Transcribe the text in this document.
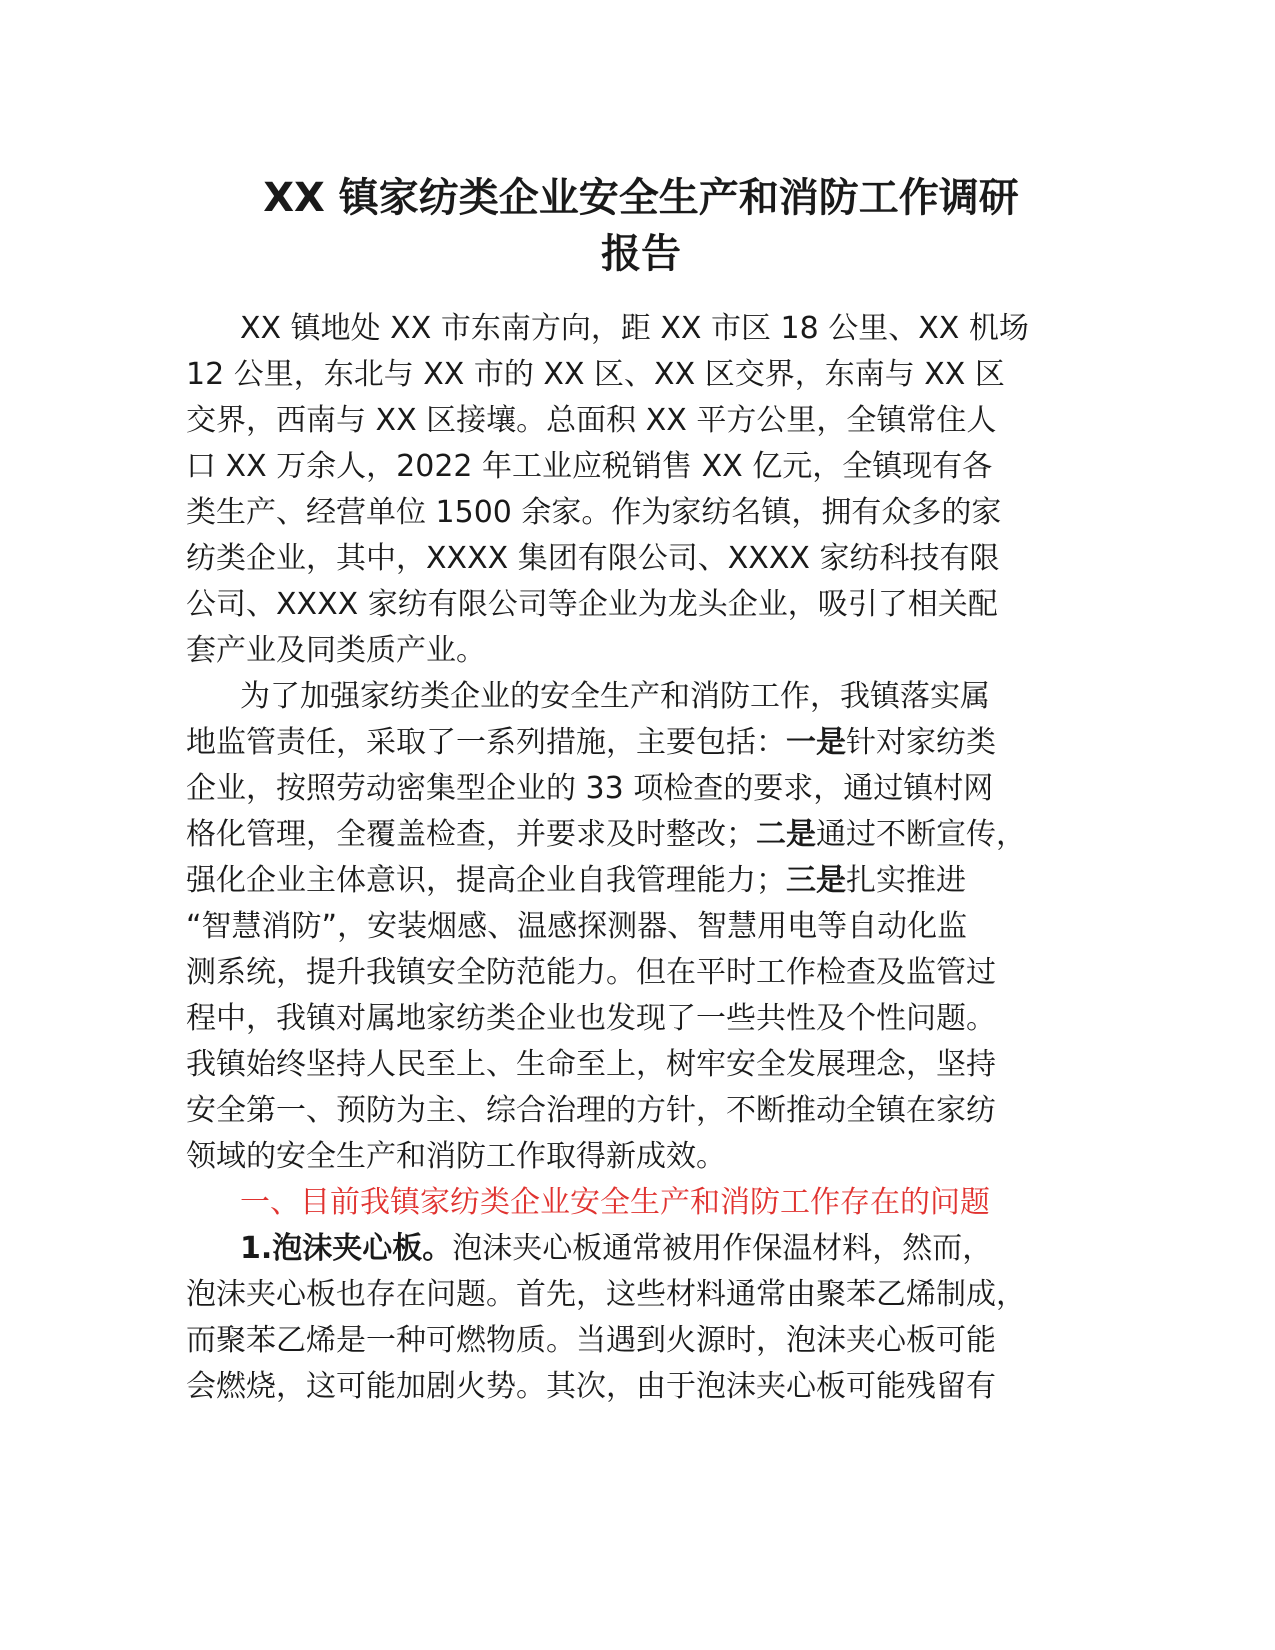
XX 镇家纺类企业安全生产和消防工作调研
报告

XX 镇地处 XX 市东南方向，距 XX 市区 18 公里、XX 机场
12 公里，东北与 XX 市的 XX 区、XX 区交界，东南与 XX 区
交界，西南与 XX 区接壤。总面积 XX 平方公里，全镇常住人
口 XX 万余人，2022 年工业应税销售 XX 亿元，全镇现有各
类生产、经营单位 1500 余家。作为家纺名镇，拥有众多的家
纺类企业，其中，XXXX 集团有限公司、XXXX 家纺科技有限
公司、XXXX 家纺有限公司等企业为龙头企业，吸引了相关配
套产业及同类质产业。

为了加强家纺类企业的安全生产和消防工作，我镇落实属
地监管责任，采取了一系列措施，主要包括：一是针对家纺类
企业，按照劳动密集型企业的 33 项检查的要求，通过镇村网
格化管理，全覆盖检查，并要求及时整改；二是通过不断宣传，
强化企业主体意识，提高企业自我管理能力；三是扎实推进
“智慧消防”，安装烟感、温感探测器、智慧用电等自动化监
测系统，提升我镇安全防范能力。但在平时工作检查及监管过
程中，我镇对属地家纺类企业也发现了一些共性及个性问题。
我镇始终坚持人民至上、生命至上，树牢安全发展理念，坚持
安全第一、预防为主、综合治理的方针，不断推动全镇在家纺
领域的安全生产和消防工作取得新成效。

一、目前我镇家纺类企业安全生产和消防工作存在的问题

1.泡沫夹心板。泡沫夹心板通常被用作保温材料，然而，
泡沫夹心板也存在问题。首先，这些材料通常由聚苯乙烯制成，
而聚苯乙烯是一种可燃物质。当遇到火源时，泡沫夹心板可能
会燃烧，这可能加剧火势。其次，由于泡沫夹心板可能残留有
